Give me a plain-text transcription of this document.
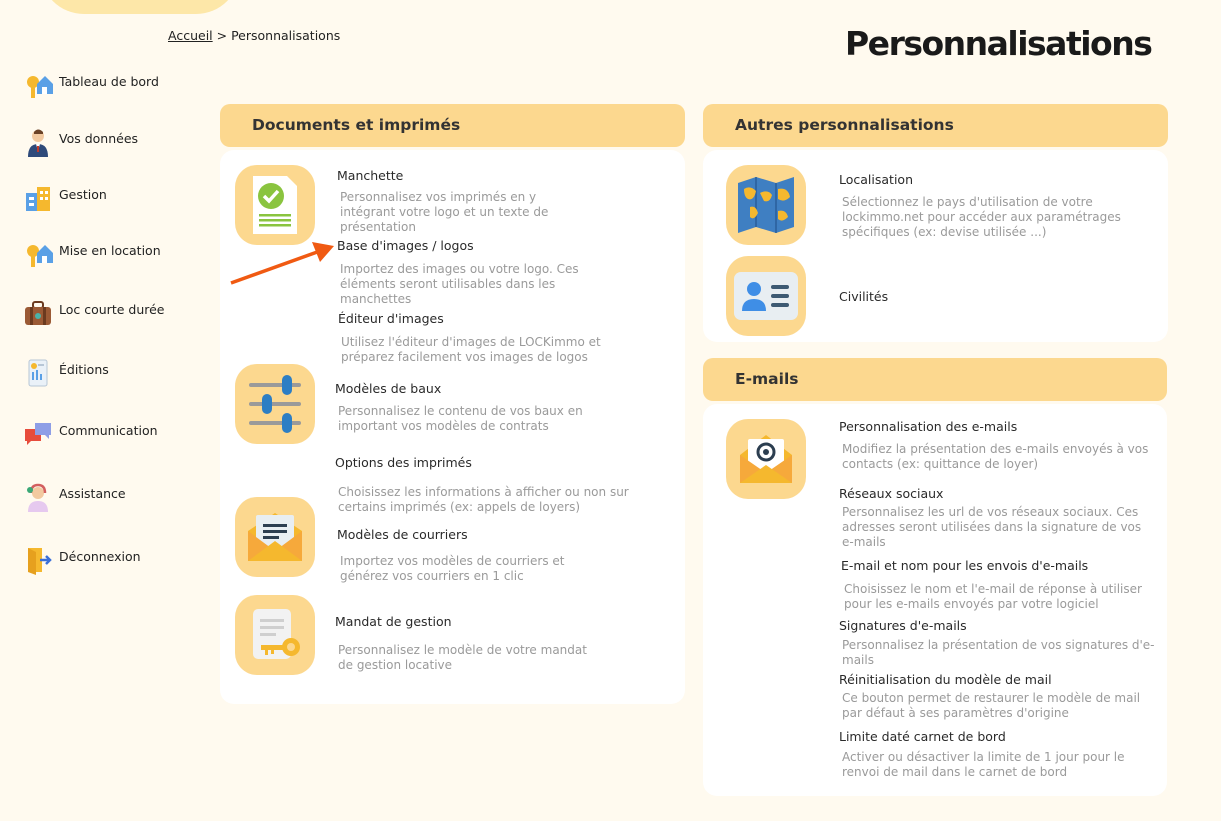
Accueil > Personnalisations	Personnalisations
Tableau de bord
Vos données
Gestion
Mise en location
Loc courte durée
Éditions
Communication
Assistance
Déconnexion
Documents et imprimés
Manchette
Personnalisez vos imprimés en y intégrant votre logo et un texte de présentation
Base d'images / logos
Importez des images ou votre logo. Ces éléments seront utilisables dans les manchettes
Éditeur d'images
Utilisez l'éditeur d'images de LOCKimmo et préparez facilement vos images de logos
Modèles de baux
Personnalisez le contenu de vos baux en important vos modèles de contrats
Options des imprimés
Choisissez les informations à afficher ou non sur certains imprimés (ex: appels de loyers)
Modèles de courriers
Importez vos modèles de courriers et générez vos courriers en 1 clic
Mandat de gestion
Personnalisez le modèle de votre mandat de gestion locative
Autres personnalisations
Localisation
Sélectionnez le pays d'utilisation de votre lockimmo.net pour accéder aux paramétrages spécifiques (ex: devise utilisée ...)
Civilités
E-mails
Personnalisation des e-mails
Modifiez la présentation des e-mails envoyés à vos contacts (ex: quittance de loyer)
Réseaux sociaux
Personnalisez les url de vos réseaux sociaux. Ces adresses seront utilisées dans la signature de vos e-mails
E-mail et nom pour les envois d'e-mails
Choisissez le nom et l'e-mail de réponse à utiliser pour les e-mails envoyés par votre logiciel
Signatures d'e-mails
Personnalisez la présentation de vos signatures d'e-mails
Réinitialisation du modèle de mail
Ce bouton permet de restaurer le modèle de mail par défaut à ses paramètres d'origine
Limite daté carnet de bord
Activer ou désactiver la limite de 1 jour pour le renvoi de mail dans le carnet de bord
